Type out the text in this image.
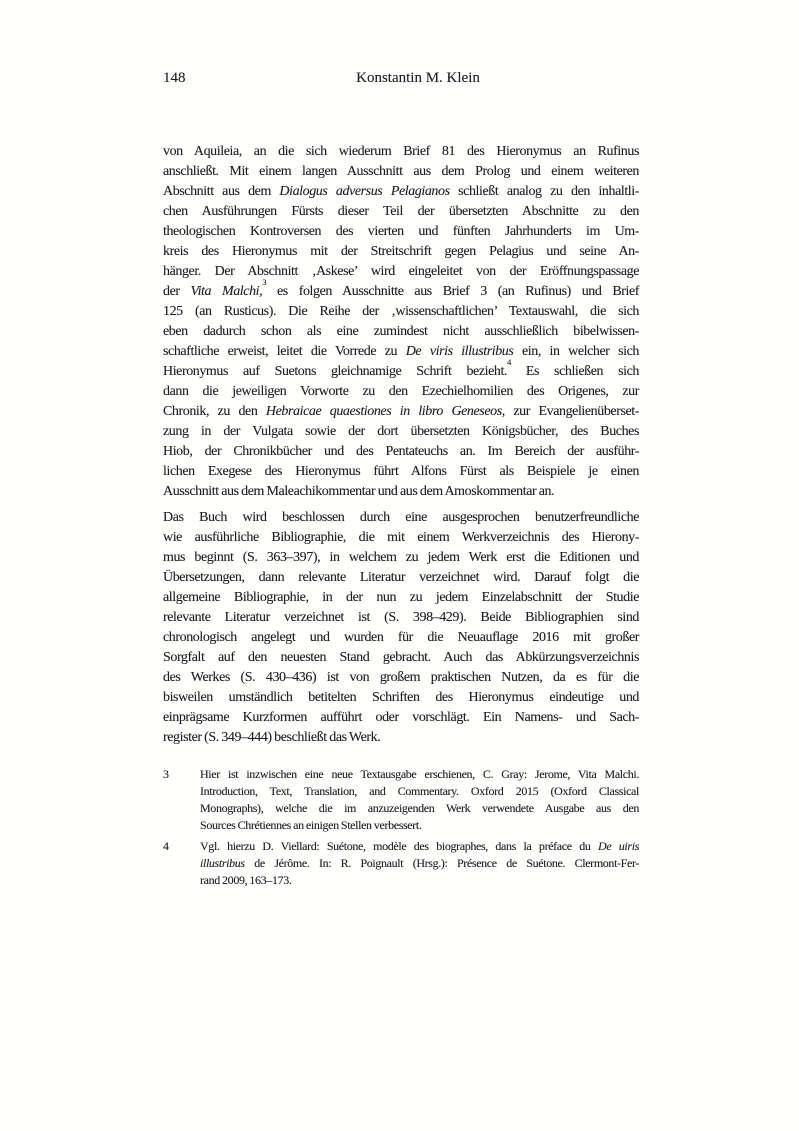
148	Konstantin M. Klein
von Aquileia, an die sich wiederum Brief 81 des Hieronymus an Rufinus
anschließt. Mit einem langen Ausschnitt aus dem Prolog und einem weiteren
Abschnitt aus dem Dialogus adversus Pelagianos schließt analog zu den inhaltli-
chen Ausführungen Fürsts dieser Teil der übersetzten Abschnitte zu den
theologischen Kontroversen des vierten und fünften Jahrhunderts im Um-
kreis des Hieronymus mit der Streitschrift gegen Pelagius und seine An-
hänger. Der Abschnitt ‚Askese’ wird eingeleitet von der Eröffnungspassage
der Vita Malchi,$^3$ es folgen Ausschnitte aus Brief 3 (an Rufinus) und Brief
125 (an Rusticus). Die Reihe der ‚wissenschaftlichen’ Textauswahl, die sich
eben dadurch schon als eine zumindest nicht ausschließlich bibelwissen-
schaftliche erweist, leitet die Vorrede zu De viris illustribus ein, in welcher sich
Hieronymus auf Suetons gleichnamige Schrift bezieht.$^4$ Es schließen sich
dann die jeweiligen Vorworte zu den Ezechielhomilien des Origenes, zur
Chronik, zu den Hebraicae quaestiones in libro Geneseos, zur Evangelienüberset-
zung in der Vulgata sowie der dort übersetzten Königsbücher, des Buches
Hiob, der Chronikbücher und des Pentateuchs an. Im Bereich der ausführ-
lichen Exegese des Hieronymus führt Alfons Fürst als Beispiele je einen
Ausschnitt aus dem Maleachikommentar und aus dem Amoskommentar an.
Das Buch wird beschlossen durch eine ausgesprochen benutzerfreundliche
wie ausführliche Bibliographie, die mit einem Werkverzeichnis des Hierony-
mus beginnt (S. 363–397), in welchem zu jedem Werk erst die Editionen und
Übersetzungen, dann relevante Literatur verzeichnet wird. Darauf folgt die
allgemeine Bibliographie, in der nun zu jedem Einzelabschnitt der Studie
relevante Literatur verzeichnet ist (S. 398–429). Beide Bibliographien sind
chronologisch angelegt und wurden für die Neuauflage 2016 mit großer
Sorgfalt auf den neuesten Stand gebracht. Auch das Abkürzungsverzeichnis
des Werkes (S. 430–436) ist von großem praktischen Nutzen, da es für die
bisweilen umständlich betitelten Schriften des Hieronymus eindeutige und
einprägsame Kurzformen aufführt oder vorschlägt. Ein Namens- und Sach-
register (S. 349–444) beschließt das Werk.
3	Hier ist inzwischen eine neue Textausgabe erschienen, C. Gray: Jerome, Vita Malchi.
Introduction, Text, Translation, and Commentary. Oxford 2015 (Oxford Classical
Monographs), welche die im anzuzeigenden Werk verwendete Ausgabe aus den
Sources Chrétiennes an einigen Stellen verbessert.
4	Vgl. hierzu D. Viellard: Suétone, modèle des biographes, dans la préface du De uiris
illustribus de Jérôme. In: R. Poignault (Hrsg.): Présence de Suétone. Clermont-Fer-
rand 2009, 163–173.
